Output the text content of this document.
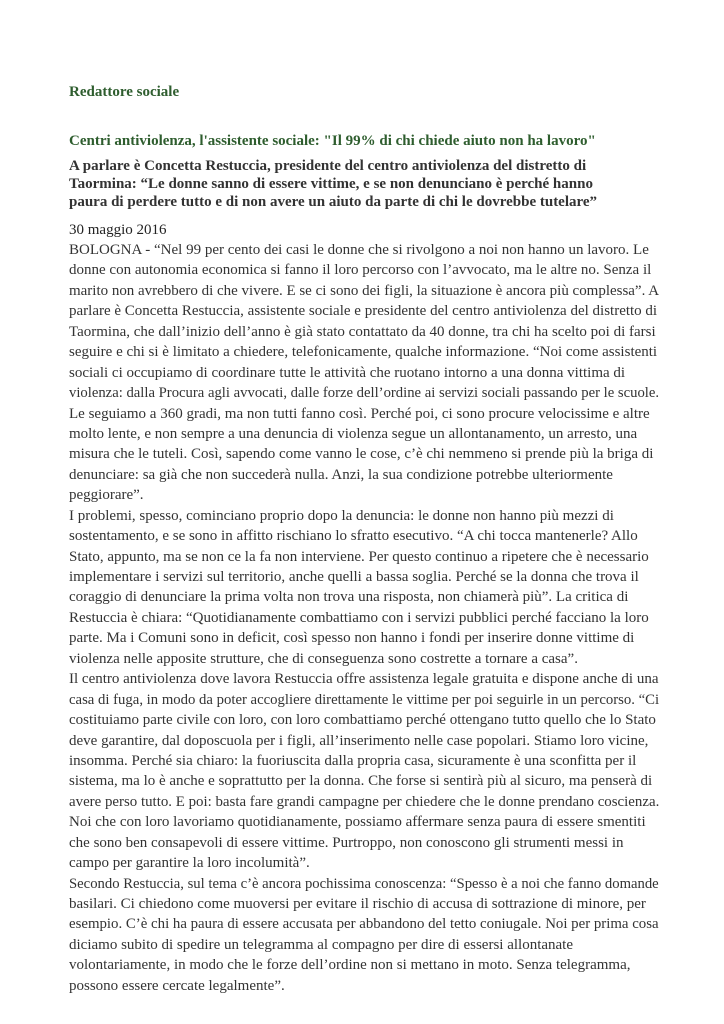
Redattore sociale
Centri antiviolenza, l'assistente sociale: "Il 99% di chi chiede aiuto non ha lavoro"
A parlare è Concetta Restuccia, presidente del centro antiviolenza del distretto di
Taormina: “Le donne sanno di essere vittime, e se non denunciano è perché hanno
paura di perdere tutto e di non avere un aiuto da parte di chi le dovrebbe tutelare”
30 maggio 2016
BOLOGNA - “Nel 99 per cento dei casi le donne che si rivolgono a noi non hanno un lavoro. Le
donne con autonomia economica si fanno il loro percorso con l’avvocato, ma le altre no. Senza il
marito non avrebbero di che vivere. E se ci sono dei figli, la situazione è ancora più complessa”. A
parlare è Concetta Restuccia, assistente sociale e presidente del centro antiviolenza del distretto di
Taormina, che dall’inizio dell’anno è già stato contattato da 40 donne, tra chi ha scelto poi di farsi
seguire e chi si è limitato a chiedere, telefonicamente, qualche informazione. “Noi come assistenti
sociali ci occupiamo di coordinare tutte le attività che ruotano intorno a una donna vittima di
violenza: dalla Procura agli avvocati, dalle forze dell’ordine ai servizi sociali passando per le scuole.
Le seguiamo a 360 gradi, ma non tutti fanno così. Perché poi, ci sono procure velocissime e altre
molto lente, e non sempre a una denuncia di violenza segue un allontanamento, un arresto, una
misura che le tuteli. Così, sapendo come vanno le cose, c’è chi nemmeno si prende più la briga di
denunciare: sa già che non succederà nulla. Anzi, la sua condizione potrebbe ulteriormente
peggiorare”.
I problemi, spesso, cominciano proprio dopo la denuncia: le donne non hanno più mezzi di
sostentamento, e se sono in affitto rischiano lo sfratto esecutivo. “A chi tocca mantenerle? Allo
Stato, appunto, ma se non ce la fa non interviene. Per questo continuo a ripetere che è necessario
implementare i servizi sul territorio, anche quelli a bassa soglia. Perché se la donna che trova il
coraggio di denunciare la prima volta non trova una risposta, non chiamerà più”. La critica di
Restuccia è chiara: “Quotidianamente combattiamo con i servizi pubblici perché facciano la loro
parte. Ma i Comuni sono in deficit, così spesso non hanno i fondi per inserire donne vittime di
violenza nelle apposite strutture, che di conseguenza sono costrette a tornare a casa”.
Il centro antiviolenza dove lavora Restuccia offre assistenza legale gratuita e dispone anche di una
casa di fuga, in modo da poter accogliere direttamente le vittime per poi seguirle in un percorso. “Ci
costituiamo parte civile con loro, con loro combattiamo perché ottengano tutto quello che lo Stato
deve garantire, dal doposcuola per i figli, all’inserimento nelle case popolari. Stiamo loro vicine,
insomma. Perché sia chiaro: la fuoriuscita dalla propria casa, sicuramente è una sconfitta per il
sistema, ma lo è anche e soprattutto per la donna. Che forse si sentirà più al sicuro, ma penserà di
avere perso tutto. E poi: basta fare grandi campagne per chiedere che le donne prendano coscienza.
Noi che con loro lavoriamo quotidianamente, possiamo affermare senza paura di essere smentiti
che sono ben consapevoli di essere vittime. Purtroppo, non conoscono gli strumenti messi in
campo per garantire la loro incolumità”.
Secondo Restuccia, sul tema c’è ancora pochissima conoscenza: “Spesso è a noi che fanno domande
basilari. Ci chiedono come muoversi per evitare il rischio di accusa di sottrazione di minore, per
esempio. C’è chi ha paura di essere accusata per abbandono del tetto coniugale. Noi per prima cosa
diciamo subito di spedire un telegramma al compagno per dire di essersi allontanate
volontariamente, in modo che le forze dell’ordine non si mettano in moto. Senza telegramma,
possono essere cercate legalmente”.
